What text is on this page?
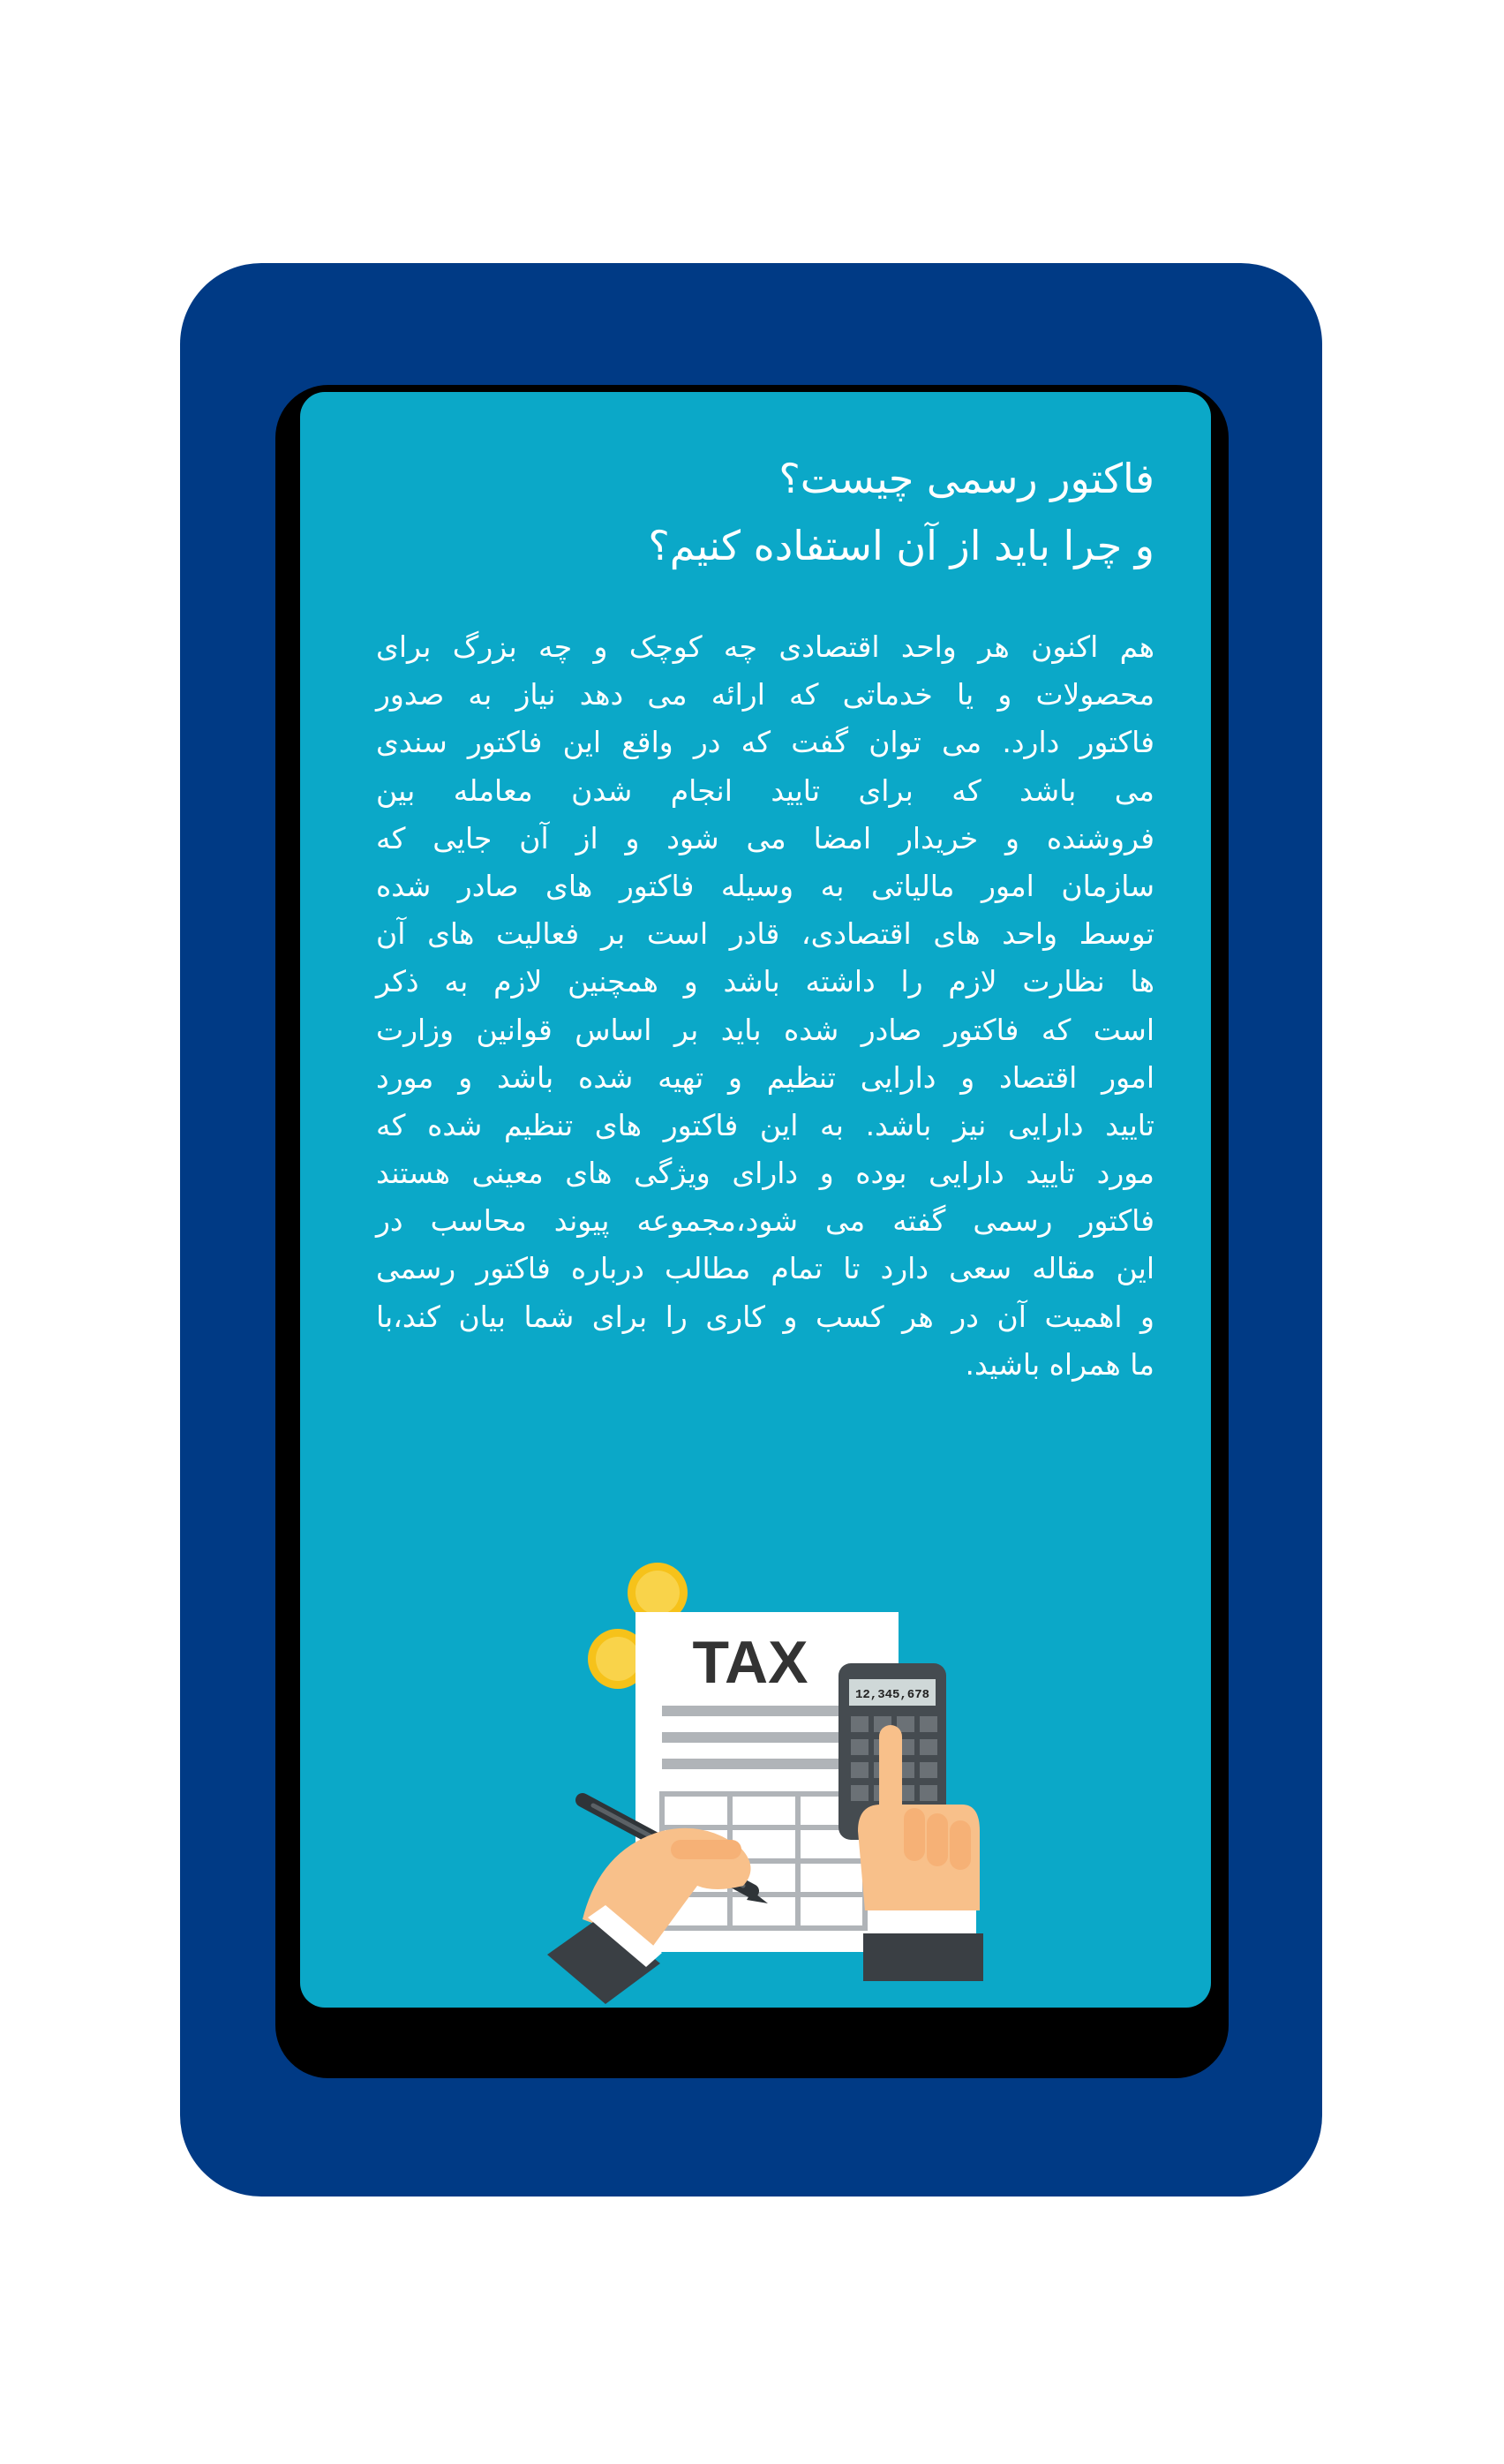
فاکتور رسمی چیست؟
و چرا باید از آن استفاده کنیم؟
هم اکنون هر واحد اقتصادی چه کوچک و چه بزرگ برای
محصولات و یا خدماتی که ارائه می دهد نیاز به صدور
فاکتور دارد. می توان گفت که در واقع این فاکتور سندی
می باشد که برای تایید انجام شدن معامله بین
فروشنده و خریدار امضا می شود و از آن جایی که
سازمان امور مالیاتی به وسیله فاکتور های صادر شده
توسط واحد های اقتصادی، قادر است بر فعالیت های آن
ها نظارت لازم را داشته باشد و همچنین لازم به ذکر
است که فاکتور صادر شده باید بر اساس قوانین وزارت
امور اقتصاد و دارایی تنظیم و تهیه شده باشد و مورد
تایید دارایی نیز باشد. به این فاکتور های تنظیم شده که
مورد تایید دارایی بوده و دارای ویژگی های معینی هستند
فاکتور رسمی گفته می شود،مجموعه پیوند محاسب در
این مقاله سعی دارد تا تمام مطالب درباره فاکتور رسمی
و اهمیت آن در هر کسب و کاری را برای شما بیان کند،با
ما همراه باشید.
TAX	12,345,678
